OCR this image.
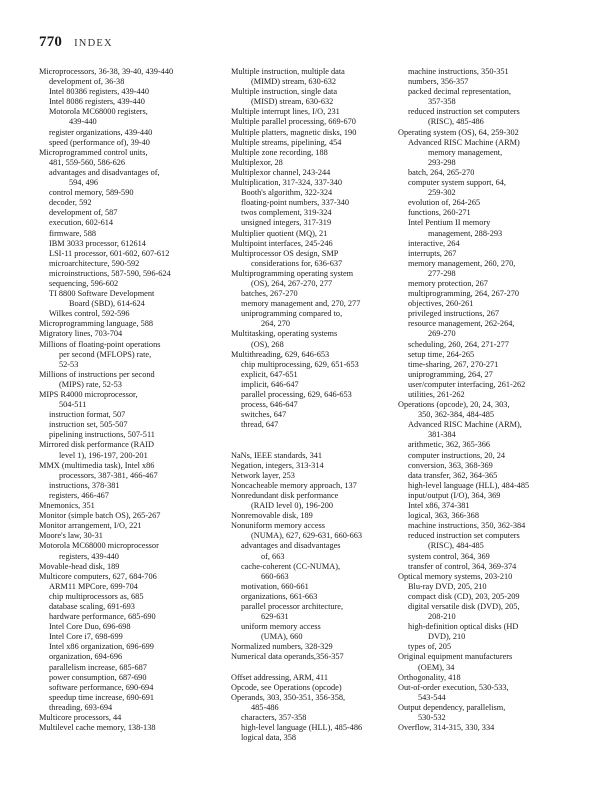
770 INDEX
Microprocessors, 36-38, 39-40, 439-440
development of, 36-38
Intel 80386 registers, 439-440
Intel 8086 registers, 439-440
Motorola MC68000 registers,
439-440
register organizations, 439-440
speed (performance of), 39-40
Microprogrammed control units,
481, 559-560, 586-626
advantages and disadvantages of,
594, 496
control memory, 589-590
decoder, 592
development of, 587
execution, 602-614
firmware, 588
IBM 3033 processor, 612614
LSI-11 processor, 601-602, 607-612
microarchitecture, 590-592
microinstructions, 587-590, 596-624
sequencing, 596-602
TI 8800 Software Development
Board (SBD), 614-624
Wilkes control, 592-596
Microprogramming language, 588
Migratory lines, 703-704
Millions of floating-point operations
per second (MFLOPS) rate,
52-53
Millions of instructions per second
(MIPS) rate, 52-53
MIPS R4000 microprocessor,
504-511
instruction format, 507
instruction set, 505-507
pipelining instructions, 507-511
Mirrored disk performance (RAID
level 1), 196-197, 200-201
MMX (multimedia task), Intel x86
processors, 387-381, 466-467
instructions, 378-381
registers, 466-467
Mnemonics, 351
Monitor (simple batch OS), 265-267
Monitor arrangement, I/O, 221
Moore's law, 30-31
Motorola MC68000 microprocessor
registers, 439-440
Movable-head disk, 189
Multicore computers, 627, 684-706
ARM11 MPCore, 699-704
chip multiprocessors as, 685
database scaling, 691-693
hardware performance, 685-690
Intel Core Duo, 696-698
Intel Core i7, 698-699
Intel x86 organization, 696-699
organization, 694-696
parallelism increase, 685-687
power consumption, 687-690
software performance, 690-694
speedup time increase, 690-691
threading, 693-694
Multicore processors, 44
Multilevel cache memory, 138-138
Multiple instruction, multiple data
(MIMD) stream, 630-632
Multiple instruction, single data
(MISD) stream, 630-632
Multiple interrupt lines, I/O, 231
Multiple parallel processing, 669-670
Multiple platters, magnetic disks, 190
Multiple streams, pipelining, 454
Multiple zone recording, 188
Multiplexor, 28
Multiplexor channel, 243-244
Multiplication, 317-324, 337-340
Booth's algorithm, 322-324
floating-point numbers, 337-340
twos complement, 319-324
unsigned integers, 317-319
Multiplier quotient (MQ), 21
Multipoint interfaces, 245-246
Multiprocessor OS design, SMP
considerations for, 636-637
Multiprogramming operating system
(OS), 264, 267-270, 277
batches, 267-270
memory management and, 270, 277
uniprogramming compared to,
264, 270
Multitasking, operating systems
(OS), 268
Multithreading, 629, 646-653
chip multiprocessing, 629, 651-653
explicit, 647-651
implicit, 646-647
parallel processing, 629, 646-653
process, 646-647
switches, 647
thread, 647
NaNs, IEEE standards, 341
Negation, integers, 313-314
Network layer, 253
Noncacheable memory approach, 137
Nonredundant disk performance
(RAID level 0), 196-200
Nonremovable disk, 189
Nonuniform memory access
(NUMA), 627, 629-631, 660-663
advantages and disadvantages
of, 663
cache-coherent (CC-NUMA),
660-663
motivation, 660-661
organizations, 661-663
parallel processor architecture,
629-631
uniform memory access
(UMA), 660
Normalized numbers, 328-329
Numerical data operands,356-357
Offset addressing, ARM, 411
Opcode, see Operations (opcode)
Operands, 303, 350-351, 356-358,
485-486
characters, 357-358
high-level language (HLL), 485-486
logical data, 358
machine instructions, 350-351
numbers, 356-357
packed decimal representation,
357-358
reduced instruction set computers
(RISC), 485-486
Operating system (OS), 64, 259-302
Advanced RISC Machine (ARM)
memory management,
293-298
batch, 264, 265-270
computer system support, 64,
259-302
evolution of, 264-265
functions, 260-271
Intel Pentium II memory
management, 288-293
interactive, 264
interrupts, 267
memory management, 260, 270,
277-298
memory protection, 267
multiprogramming, 264, 267-270
objectives, 260-261
privileged instructions, 267
resource management, 262-264,
269-270
scheduling, 260, 264, 271-277
setup time, 264-265
time-sharing, 267, 270-271
uniprogramming, 264, 27
user/computer interfacing, 261-262
utilities, 261-262
Operations (opcode), 20, 24, 303,
350, 362-384, 484-485
Advanced RISC Machine (ARM),
381-384
arithmetic, 362, 365-366
computer instructions, 20, 24
conversion, 363, 368-369
data transfer, 362, 364-365
high-level language (HLL), 484-485
input/output (I/O), 364, 369
Intel x86, 374-381
logical, 363, 366-368
machine instructions, 350, 362-384
reduced instruction set computers
(RISC), 484-485
system control, 364, 369
transfer of control, 364, 369-374
Optical memory systems, 203-210
Blu-ray DVD, 205, 210
compact disk (CD), 203, 205-209
digital versatile disk (DVD), 205,
208-210
high-definition optical disks (HD
DVD), 210
types of, 205
Original equipment manufacturers
(OEM), 34
Orthogonality, 418
Out-of-order execution, 530-533,
543-544
Output dependency, parallelism,
530-532
Overflow, 314-315, 330, 334
